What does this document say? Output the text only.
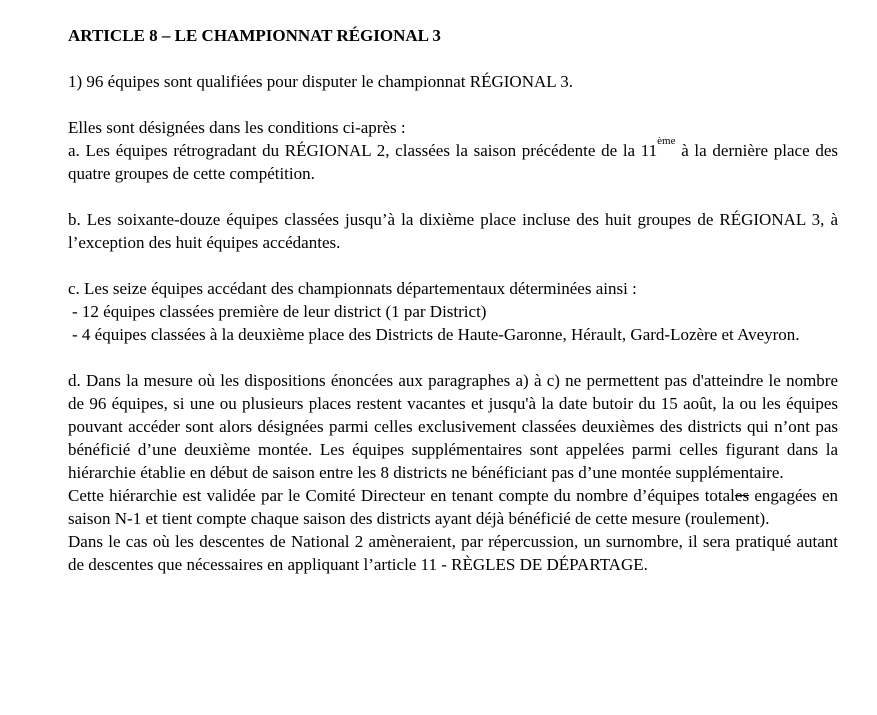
ARTICLE 8 – LE CHAMPIONNAT RÉGIONAL 3

1) 96 équipes sont qualifiées pour disputer le championnat RÉGIONAL 3.

Elles sont désignées dans les conditions ci-après :

a. Les équipes rétrogradant du RÉGIONAL 2, classées la saison précédente de la 11ème à la dernière place des quatre groupes de cette compétition.

b. Les soixante-douze équipes classées jusqu’à la dixième place incluse des huit groupes de RÉGIONAL 3, à l’exception des huit équipes accédantes.

c. Les seize équipes accédant des championnats départementaux déterminées ainsi :

- 12 équipes classées première de leur district (1 par District)

- 4 équipes classées à la deuxième place des Districts de Haute-Garonne, Hérault, Gard-Lozère et Aveyron.

d. Dans la mesure où les dispositions énoncées aux paragraphes a) à c) ne permettent pas d'atteindre le nombre de 96 équipes, si une ou plusieurs places restent vacantes et jusqu'à la date butoir du 15 août, la ou les équipes pouvant accéder sont alors désignées parmi celles exclusivement classées deuxièmes des districts qui n’ont pas bénéficié d’une deuxième montée. Les équipes supplémentaires sont appelées parmi celles figurant dans la hiérarchie établie en début de saison entre les 8 districts ne bénéficiant pas d’une montée supplémentaire.

Cette hiérarchie est validée par le Comité Directeur en tenant compte du nombre d’équipes totales engagées en saison N-1 et tient compte chaque saison des districts ayant déjà bénéficié de cette mesure (roulement).

Dans le cas où les descentes de National 2 amèneraient, par répercussion, un surnombre, il sera pratiqué autant de descentes que nécessaires en appliquant l’article 11 - RÈGLES DE DÉPARTAGE.
